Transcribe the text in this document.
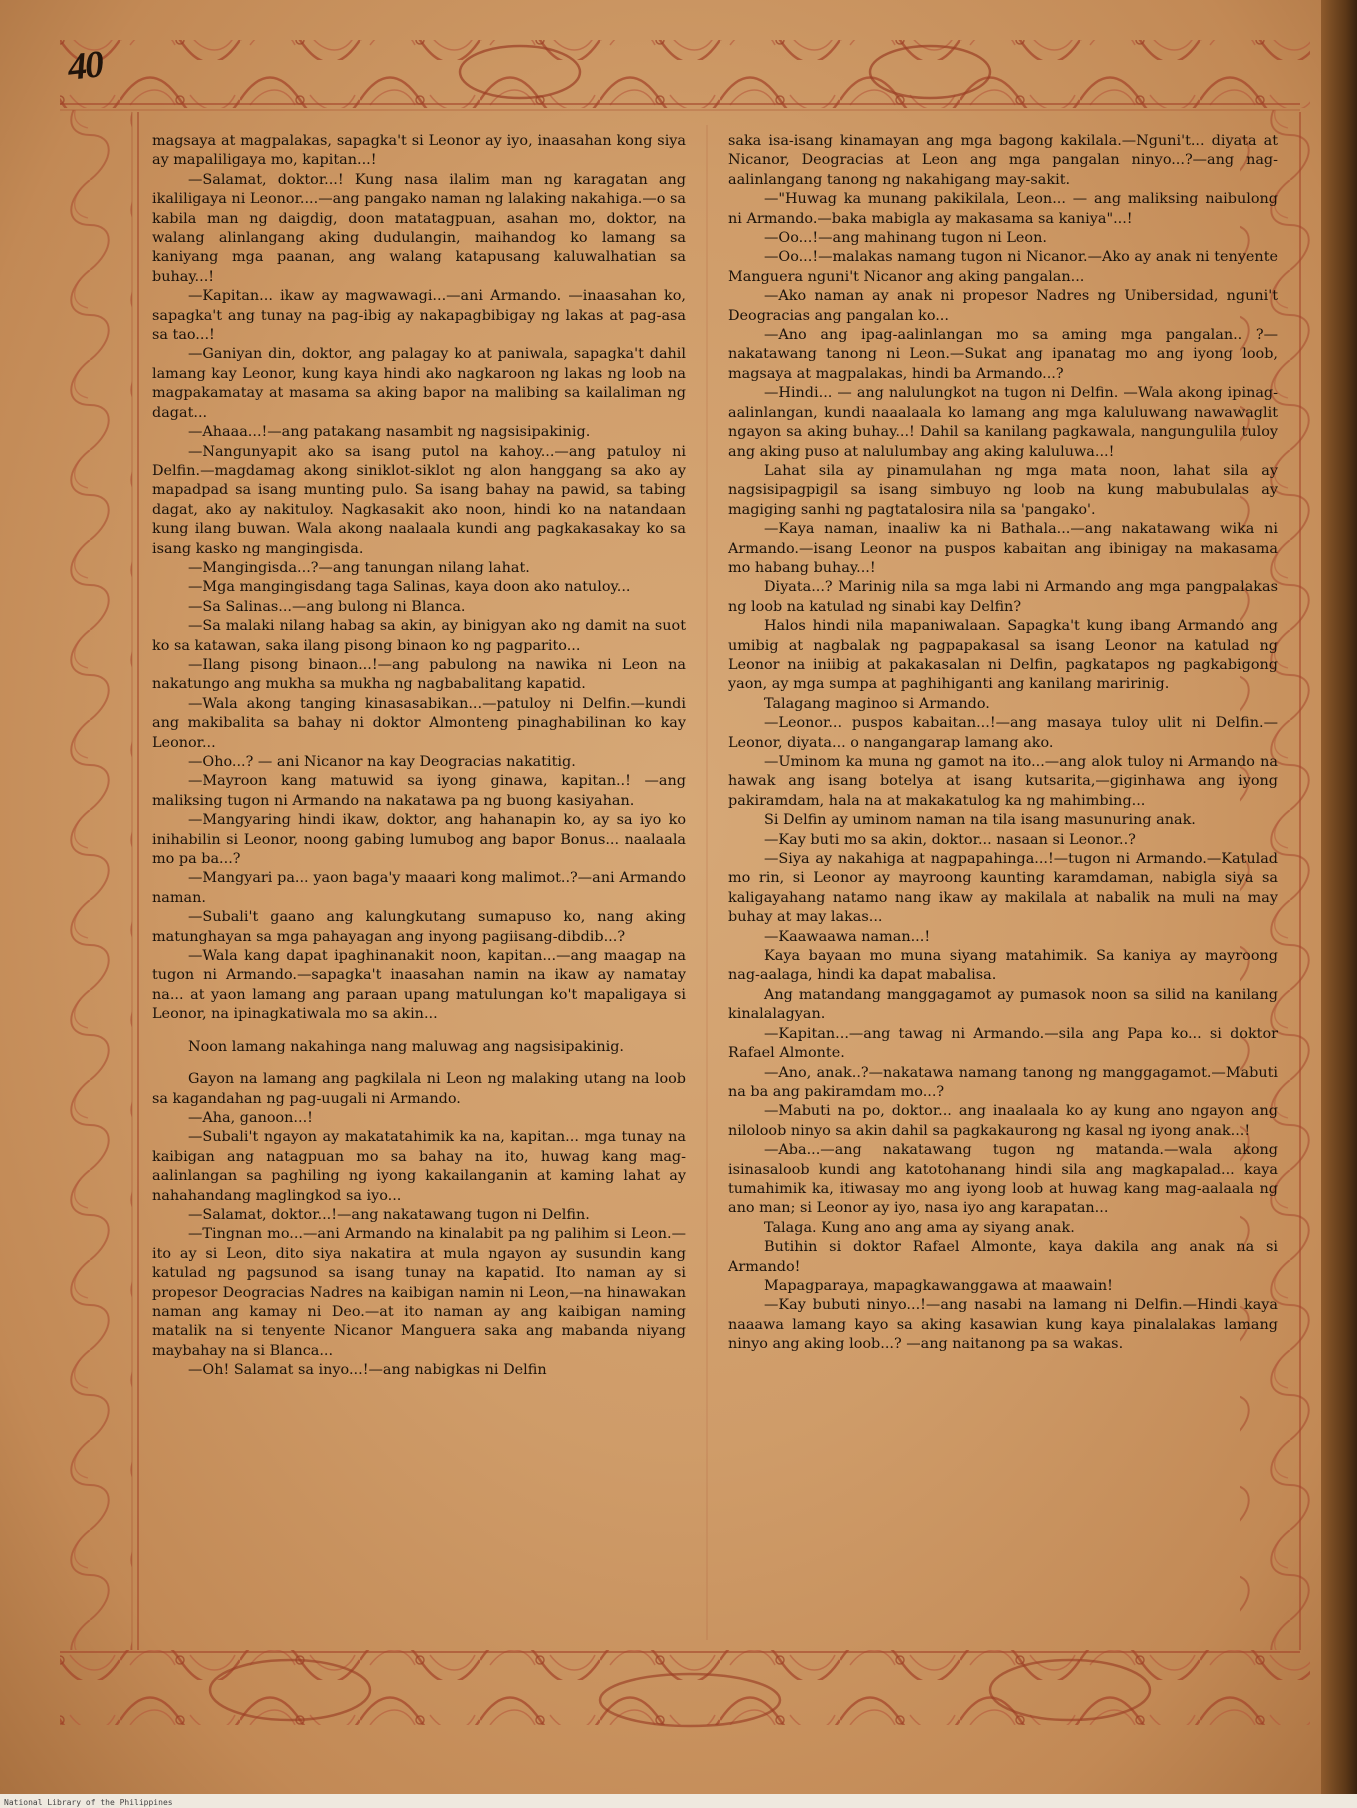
40

magsaya at magpalakas, sapagka't si Leonor ay iyo, inaasahan kong siya ay mapaliligaya mo, kapitan...!

—Salamat, doktor...! Kung nasa ilalim man ng karagatan ang ikaliligaya ni Leonor....—ang pangako naman ng lalaking nakahiga.—o sa kabila man ng daigdig, doon matatagpuan, asahan mo, doktor, na walang alinlangang aking dudulangin, maihandog ko lamang sa kaniyang mga paanan, ang walang katapusang kaluwalhatian sa buhay...!

—Kapitan... ikaw ay magwawagi...—ani Armando. —inaasahan ko, sapagka't ang tunay na pag-ibig ay nakapagbibigay ng lakas at pag-asa sa tao...!

—Ganiyan din, doktor, ang palagay ko at paniwala, sapagka't dahil lamang kay Leonor, kung kaya hindi ako nagkaroon ng lakas ng loob na magpakamatay at masama sa aking bapor na malibing sa kailaliman ng dagat...

—Ahaaa...!—ang patakang nasambit ng nagsisipakinig.

—Nangunyapit ako sa isang putol na kahoy...—ang patuloy ni Delfin.—magdamag akong siniklot-siklot ng alon hanggang sa ako ay mapadpad sa isang munting pulo. Sa isang bahay na pawid, sa tabing dagat, ako ay nakituloy. Nagkasakit ako noon, hindi ko na natandaan kung ilang buwan. Wala akong naalaala kundi ang pagkakasakay ko sa isang kasko ng mangingisda.

—Mangingisda...?—ang tanungan nilang lahat.

—Mga mangingisdang taga Salinas, kaya doon ako natuloy...

—Sa Salinas...—ang bulong ni Blanca.

—Sa malaki nilang habag sa akin, ay binigyan ako ng damit na suot ko sa katawan, saka ilang pisong binaon ko ng pagparito...

—Ilang pisong binaon...!—ang pabulong na nawika ni Leon na nakatungo ang mukha sa mukha ng nagbabalitang kapatid.

—Wala akong tanging kinasasabikan...—patuloy ni Delfin.—kundi ang makibalita sa bahay ni doktor Almonteng pinaghabilinan ko kay Leonor...

—Oho...? — ani Nicanor na kay Deogracias nakatitig.

—Mayroon kang matuwid sa iyong ginawa, kapitan..! —ang maliksing tugon ni Armando na nakatawa pa ng buong kasiyahan.

—Mangyaring hindi ikaw, doktor, ang hahanapin ko, ay sa iyo ko inihabilin si Leonor, noong gabing lumubog ang bapor Bonus... naalaala mo pa ba...?

—Mangyari pa... yaon baga'y maaari kong malimot..?—ani Armando naman.

—Subali't gaano ang kalungkutang sumapuso ko, nang aking matunghayan sa mga pahayagan ang inyong pagiisang-dibdib...?

—Wala kang dapat ipaghinanakit noon, kapitan...—ang maagap na tugon ni Armando.—sapagka't inaasahan namin na ikaw ay namatay na... at yaon lamang ang paraan upang matulungan ko't mapaligaya si Leonor, na ipinagkatiwala mo sa akin...

Noon lamang nakahinga nang maluwag ang nagsisipakinig.

Gayon na lamang ang pagkilala ni Leon ng malaking utang na loob sa kagandahan ng pag-uugali ni Armando.

—Aha, ganoon...!

—Subali't ngayon ay makatatahimik ka na, kapitan... mga tunay na kaibigan ang natagpuan mo sa bahay na ito, huwag kang mag-aalinlangan sa paghiling ng iyong kakailanganin at kaming lahat ay nahahandang maglingkod sa iyo...

—Salamat, doktor...!—ang nakatawang tugon ni Delfin.

—Tingnan mo...—ani Armando na kinalabit pa ng palihim si Leon.—ito ay si Leon, dito siya nakatira at mula ngayon ay susundin kang katulad ng pagsunod sa isang tunay na kapatid. Ito naman ay si propesor Deogracias Nadres na kaibigan namin ni Leon,—na hinawakan naman ang kamay ni Deo.—at ito naman ay ang kaibigan naming matalik na si tenyente Nicanor Manguera saka ang mabanda niyang maybahay na si Blanca...

—Oh! Salamat sa inyo...!—ang nabigkas ni Delfin

saka isa-isang kinamayan ang mga bagong kakilala.—Nguni't... diyata at Nicanor, Deogracias at Leon ang mga pangalan ninyo...?—ang nag-aalinlangang tanong ng nakahigang may-sakit.

—"Huwag ka munang pakikilala, Leon... — ang maliksing naibulong ni Armando.—baka mabigla ay makasama sa kaniya"...!

—Oo...!—ang mahinang tugon ni Leon.

—Oo...!—malakas namang tugon ni Nicanor.—Ako ay anak ni tenyente Manguera nguni't Nicanor ang aking pangalan...

—Ako naman ay anak ni propesor Nadres ng Unibersidad, nguni't Deogracias ang pangalan ko...

—Ano ang ipag-aalinlangan mo sa aming mga pangalan.. ?—nakatawang tanong ni Leon.—Sukat ang ipanatag mo ang iyong loob, magsaya at magpalakas, hindi ba Armando...?

—Hindi... — ang nalulungkot na tugon ni Delfin. —Wala akong ipinag-aalinlangan, kundi naaalaala ko lamang ang mga kaluluwang nawawaglit ngayon sa aking buhay...! Dahil sa kanilang pagkawala, nangungulila tuloy ang aking puso at nalulumbay ang aking kaluluwa...!

Lahat sila ay pinamulahan ng mga mata noon, lahat sila ay nagsisipagpigil sa isang simbuyo ng loob na kung mabubulalas ay magiging sanhi ng pagtatalosira nila sa 'pangako'.

—Kaya naman, inaaliw ka ni Bathala...—ang nakatawang wika ni Armando.—isang Leonor na puspos kabaitan ang ibinigay na makasama mo habang buhay...!

Diyata...? Marinig nila sa mga labi ni Armando ang mga pangpalakas ng loob na katulad ng sinabi kay Delfin?

Halos hindi nila mapaniwalaan. Sapagka't kung ibang Armando ang umibig at nagbalak ng pagpapakasal sa isang Leonor na katulad ng Leonor na iniibig at pakakasalan ni Delfin, pagkatapos ng pagkabigong yaon, ay mga sumpa at paghihiganti ang kanilang maririnig.

Talagang maginoo si Armando.

—Leonor... puspos kabaitan...!—ang masaya tuloy ulit ni Delfin.—Leonor, diyata... o nangangarap lamang ako.

—Uminom ka muna ng gamot na ito...—ang alok tuloy ni Armando na hawak ang isang botelya at isang kutsarita,—giginhawa ang iyong pakiramdam, hala na at makakatulog ka ng mahimbing...

Si Delfin ay uminom naman na tila isang masunuring anak.

—Kay buti mo sa akin, doktor... nasaan si Leonor..?

—Siya ay nakahiga at nagpapahinga...!—tugon ni Armando.—Katulad mo rin, si Leonor ay mayroong kaunting karamdaman, nabigla siya sa kaligayahang natamo nang ikaw ay makilala at nabalik na muli na may buhay at may lakas...

—Kaawaawa naman...!

Kaya bayaan mo muna siyang matahimik. Sa kaniya ay mayroong nag-aalaga, hindi ka dapat mabalisa.

Ang matandang manggagamot ay pumasok noon sa silid na kanilang kinalalagyan.

—Kapitan...—ang tawag ni Armando.—sila ang Papa ko... si doktor Rafael Almonte.

—Ano, anak..?—nakatawa namang tanong ng manggagamot.—Mabuti na ba ang pakiramdam mo...?

—Mabuti na po, doktor... ang inaalaala ko ay kung ano ngayon ang niloloob ninyo sa akin dahil sa pagkakaurong ng kasal ng iyong anak...!

—Aba...—ang nakatawang tugon ng matanda.—wala akong isinasaloob kundi ang katotohanang hindi sila ang magkapalad... kaya tumahimik ka, itiwasay mo ang iyong loob at huwag kang mag-aalaala ng ano man; si Leonor ay iyo, nasa iyo ang karapatan...

Talaga. Kung ano ang ama ay siyang anak.

Butihin si doktor Rafael Almonte, kaya dakila ang anak na si Armando!

Mapagparaya, mapagkawanggawa at maawain!

—Kay bubuti ninyo...!—ang nasabi na lamang ni Delfin.—Hindi kaya naaawa lamang kayo sa aking kasawian kung kaya pinalalakas lamang ninyo ang aking loob...? —ang naitanong pa sa wakas.

National Library of the Philippines
